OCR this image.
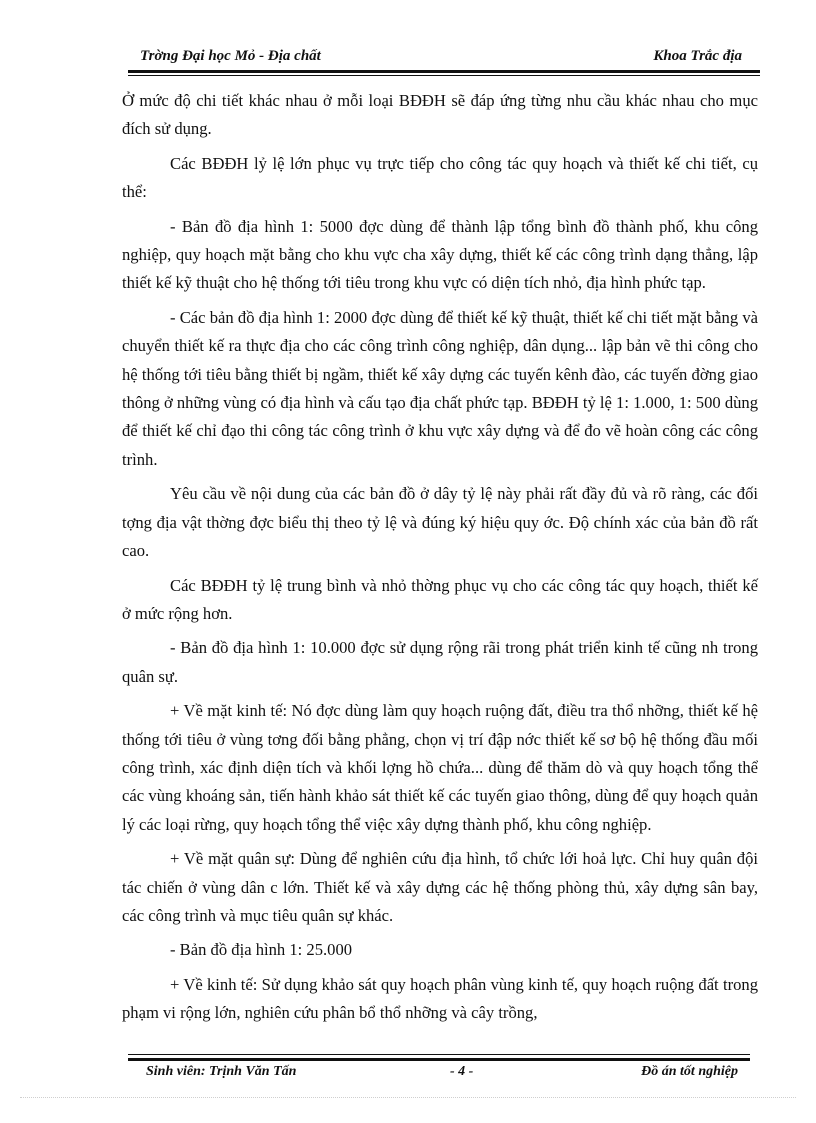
Trờng Đại học Mỏ - Địa chất	Khoa Trắc địa

Ở mức độ chi tiết khác nhau ở mỗi loại BĐĐH sẽ đáp ứng từng nhu cầu khác nhau cho mục đích sử dụng.

Các BĐĐH lỷ lệ lớn phục vụ trực tiếp cho công tác quy hoạch và thiết kế chi tiết, cụ thể:

- Bản đồ địa hình 1: 5000 đợc dùng để thành lập tổng bình đồ thành phố, khu công nghiệp, quy hoạch mặt bằng cho khu vực cha xây dựng, thiết kế các công trình dạng thẳng, lập thiết kế kỹ thuật cho hệ thống tới tiêu trong khu vực có diện tích nhỏ, địa hình phức tạp.

- Các bản đồ địa hình 1: 2000 đợc dùng để thiết kế kỹ thuật, thiết kế chi tiết mặt bằng và chuyển thiết kế ra thực địa cho các công trình công nghiệp, dân dụng... lập bản vẽ thi công cho hệ thống tới tiêu bằng thiết bị ngầm, thiết kế xây dựng các tuyến kênh đào, các tuyến đờng giao thông ở những vùng có địa hình và cấu tạo địa chất phức tạp. BĐĐH tỷ lệ 1: 1.000, 1: 500 dùng để thiết kế chỉ đạo thi công tác công trình ở khu vực xây dựng và để đo vẽ hoàn công các công trình.

Yêu cầu về nội dung của các bản đồ ở dây tỷ lệ này phải rất đầy đủ và rõ ràng, các đối tợng địa vật thờng đợc biểu thị theo tỷ lệ và đúng ký hiệu quy ớc. Độ chính xác của bản đồ rất cao.

Các BĐĐH tỷ lệ trung bình và nhỏ thờng phục vụ cho các công tác quy hoạch, thiết kế ở mức rộng hơn.

- Bản đồ địa hình 1: 10.000 đợc sử dụng rộng rãi trong phát triển kinh tế cũng nh trong quân sự.

+ Về mặt kinh tế: Nó đợc dùng làm quy hoạch ruộng đất, điều tra thổ nhỡng, thiết kế hệ thống tới tiêu ở vùng tơng đối bằng phẳng, chọn vị trí đập nớc thiết kế sơ bộ hệ thống đầu mối công trình, xác định diện tích và khối lợng hồ chứa... dùng để thăm dò và quy hoạch tổng thể các vùng khoáng sản, tiến hành khảo sát thiết kế các tuyến giao thông, dùng để quy hoạch quản lý các loại rừng, quy hoạch tổng thể việc xây dựng thành phố, khu công nghiệp.

+ Về mặt quân sự: Dùng để nghiên cứu địa hình, tổ chức lới hoả lực. Chỉ huy quân đội tác chiến ở vùng dân c lớn. Thiết kế và xây dựng các hệ thống phòng thủ, xây dựng sân bay, các công trình và mục tiêu quân sự khác.

- Bản đồ địa hình 1: 25.000

+ Về kinh tế: Sử dụng khảo sát quy hoạch phân vùng kinh tế, quy hoạch ruộng đất trong phạm vi rộng lớn, nghiên cứu phân bổ thổ nhỡng và cây trồng,

Sinh viên: Trịnh Văn Tấn	- 4 -	Đồ án tốt nghiệp
